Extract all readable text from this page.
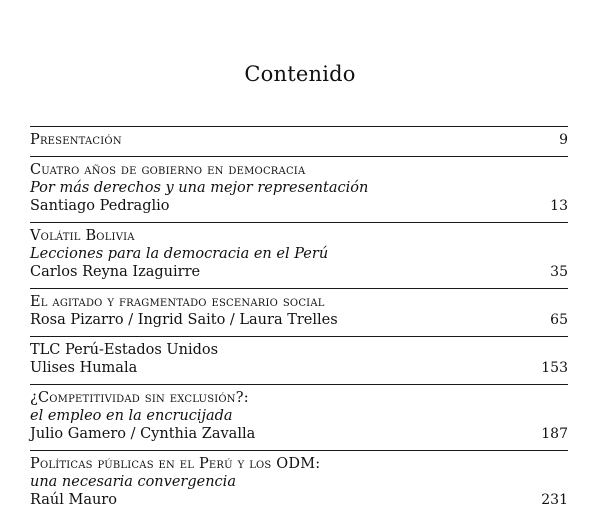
Contenido
Presentación	9
Cuatro años de gobierno en democracia
Por más derechos y una mejor representación
Santiago Pedraglio	13
Volátil Bolivia
Lecciones para la democracia en el Perú
Carlos Reyna Izaguirre	35
El agitado y fragmentado escenario social
Rosa Pizarro / Ingrid Saito / Laura Trelles	65
TLC Perú-Estados Unidos
Ulises Humala	153
¿Competitividad sin exclusión?:
el empleo en la encrucijada
Julio Gamero / Cynthia Zavalla	187
Políticas públicas en el Perú y los ODM:
una necesaria convergencia
Raúl Mauro	231
